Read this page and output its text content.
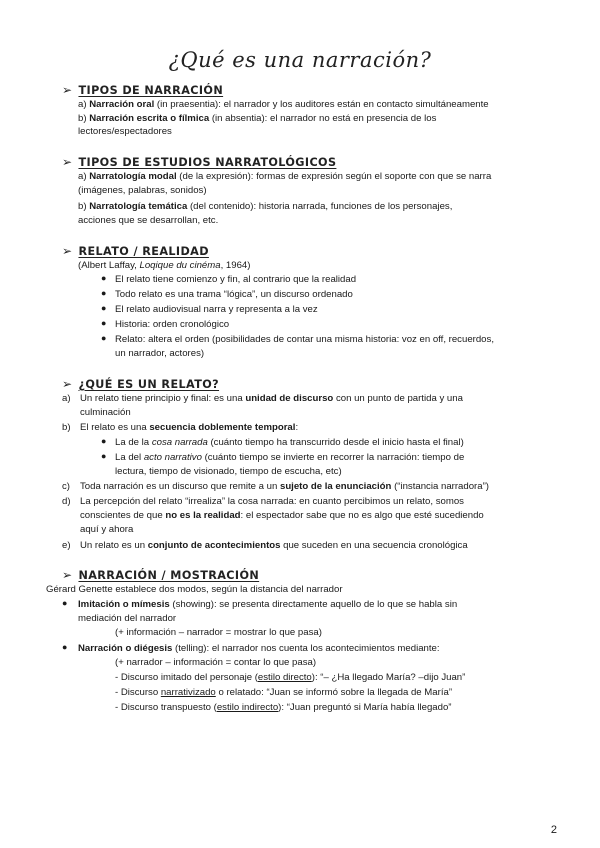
¿Qué es una narración?
➢ TIPOS DE NARRACIÓN
a) Narración oral (in praesentia): el narrador y los auditores están en contacto simultáneamente
b) Narración escrita o fílmica (in absentia): el narrador no está en presencia de los
lectores/espectadores
➢ TIPOS DE ESTUDIOS NARRATOLÓGICOS
a) Narratología modal (de la expresión): formas de expresión según el soporte con que se narra
(imágenes, palabras, sonidos)
b) Narratología temática (del contenido): historia narrada, funciones de los personajes,
acciones que se desarrollan, etc.
➢ RELATO / REALIDAD
(Albert Laffay, Loqique du cinéma, 1964)
● El relato tiene comienzo y fin, al contrario que la realidad
● Todo relato es una trama “lógica”, un discurso ordenado
● El relato audiovisual narra y representa a la vez
● Historia: orden cronológico
● Relato: altera el orden (posibilidades de contar una misma historia: voz en off, recuerdos,
un narrador, actores)
➢ ¿QUÉ ES UN RELATO?
a) Un relato tiene principio y final: es una unidad de discurso con un punto de partida y una
culminación
b) El relato es una secuencia doblemente temporal:
● La de la cosa narrada (cuánto tiempo ha transcurrido desde el inicio hasta el final)
● La del acto narrativo (cuánto tiempo se invierte en recorrer la narración: tiempo de
lectura, tiempo de visionado, tiempo de escucha, etc)
c) Toda narración es un discurso que remite a un sujeto de la enunciación (“instancia narradora”)
d) La percepción del relato “irrealiza” la cosa narrada: en cuanto percibimos un relato, somos
conscientes de que no es la realidad: el espectador sabe que no es algo que esté sucediendo
aquí y ahora
e) Un relato es un conjunto de acontecimientos que suceden en una secuencia cronológica
➢ NARRACIÓN / MOSTRACIÓN
Gérard Genette establece dos modos, según la distancia del narrador
● Imitación o mímesis (showing): se presenta directamente aquello de lo que se habla sin
mediación del narrador
(+ información – narrador = mostrar lo que pasa)
● Narración o diégesis (telling): el narrador nos cuenta los acontecimientos mediante:
(+ narrador – información = contar lo que pasa)
- Discurso imitado del personaje (estilo directo): “– ¿Ha llegado María? –dijo Juan”
- Discurso narrativizado o relatado: “Juan se informó sobre la llegada de María”
- Discurso transpuesto (estilo indirecto): “Juan preguntó si María había llegado”
2
